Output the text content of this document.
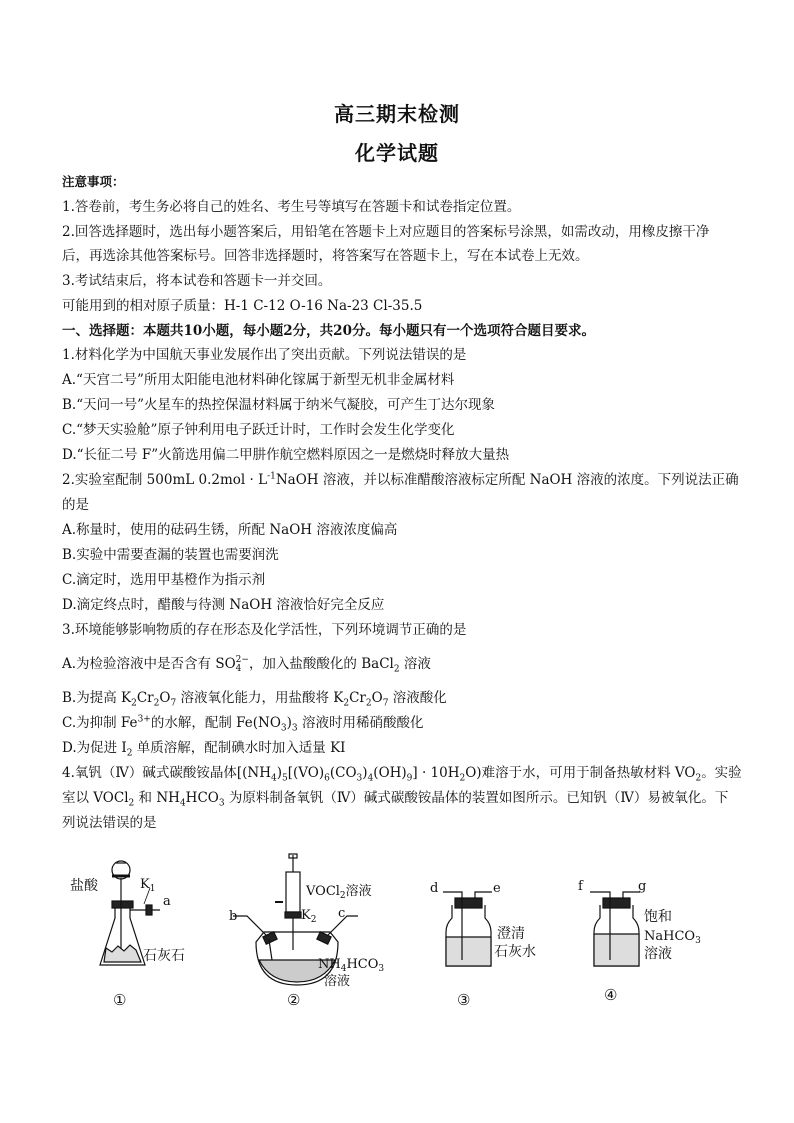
高三期末检测
化学试题
注意事项：
1.答卷前，考生务必将自己的姓名、考生号等填写在答题卡和试卷指定位置。
2.回答选择题时，选出每小题答案后，用铅笔在答题卡上对应题目的答案标号涂黑，如需改动，用橡皮擦干净
后，再选涂其他答案标号。回答非选择题时，将答案写在答题卡上，写在本试卷上无效。
3.考试结束后，将本试卷和答题卡一并交回。
可能用到的相对原子质量：H-1 C-12 O-16 Na-23 Cl-35.5
一、选择题：本题共10小题，每小题2分，共20分。每小题只有一个选项符合题目要求。
1.材料化学为中国航天事业发展作出了突出贡献。下列说法错误的是
A.“天宫二号”所用太阳能电池材料砷化镓属于新型无机非金属材料
B.“天问一号”火星车的热控保温材料属于纳米气凝胶，可产生丁达尔现象
C.“梦天实验舱”原子钟利用电子跃迁计时，工作时会发生化学变化
D.“长征二号 F”火箭选用偏二甲肼作航空燃料原因之一是燃烧时释放大量热
2.实验室配制 500mL $0.2mol \cdot L^{-1}NaOH$ 溶液，并以标准醋酸溶液标定所配 NaOH 溶液的浓度。下列说法正确
的是
A.称量时，使用的砝码生锈，所配 NaOH 溶液浓度偏高
B.实验中需要查漏的装置也需要润洗
C.滴定时，选用甲基橙作为指示剂
D.滴定终点时，醋酸与待测 NaOH 溶液恰好完全反应
3.环境能够影响物质的存在形态及化学活性，下列环境调节正确的是
A.为检验溶液中是否含有 SO 2−
4 ，加入盐酸酸化的 BaCl$_2$ 溶液
B.为提高 $K_2Cr_2O_7$ 溶液氧化能力，用盐酸将 $K_2Cr_2O_7$ 溶液酸化
C.为抑制 $Fe^{3+}$的水解，配制 $Fe(NO_3)_3$ 溶液时用稀硝酸酸化
D.为促进 $I_2$ 单质溶解，配制碘水时加入适量 KI
4.氧钒（Ⅳ）碱式碳酸铵晶体$[(NH_4)_5[(VO)_6(CO_3)_4(OH)_9] \cdot 10H_2O)$难溶于水，可用于制备热敏材料 $VO_2$。实验
室以 VOCl$_2$ 和 $NH_4HCO_3$ 为原料制备氧钒（Ⅳ）碱式碳酸铵晶体的装置如图所示。已知钒（Ⅳ）易被氧化。下
列说法错误的是
盐酸	$K_1$
a
石灰石
①
VOCl$_2$溶液
$K_2$
b	c
$NH_4HCO_3$
溶液
②
d	e
澄清
石灰水
③
f	g
饱和
NaHCO$_3$
溶液
④
